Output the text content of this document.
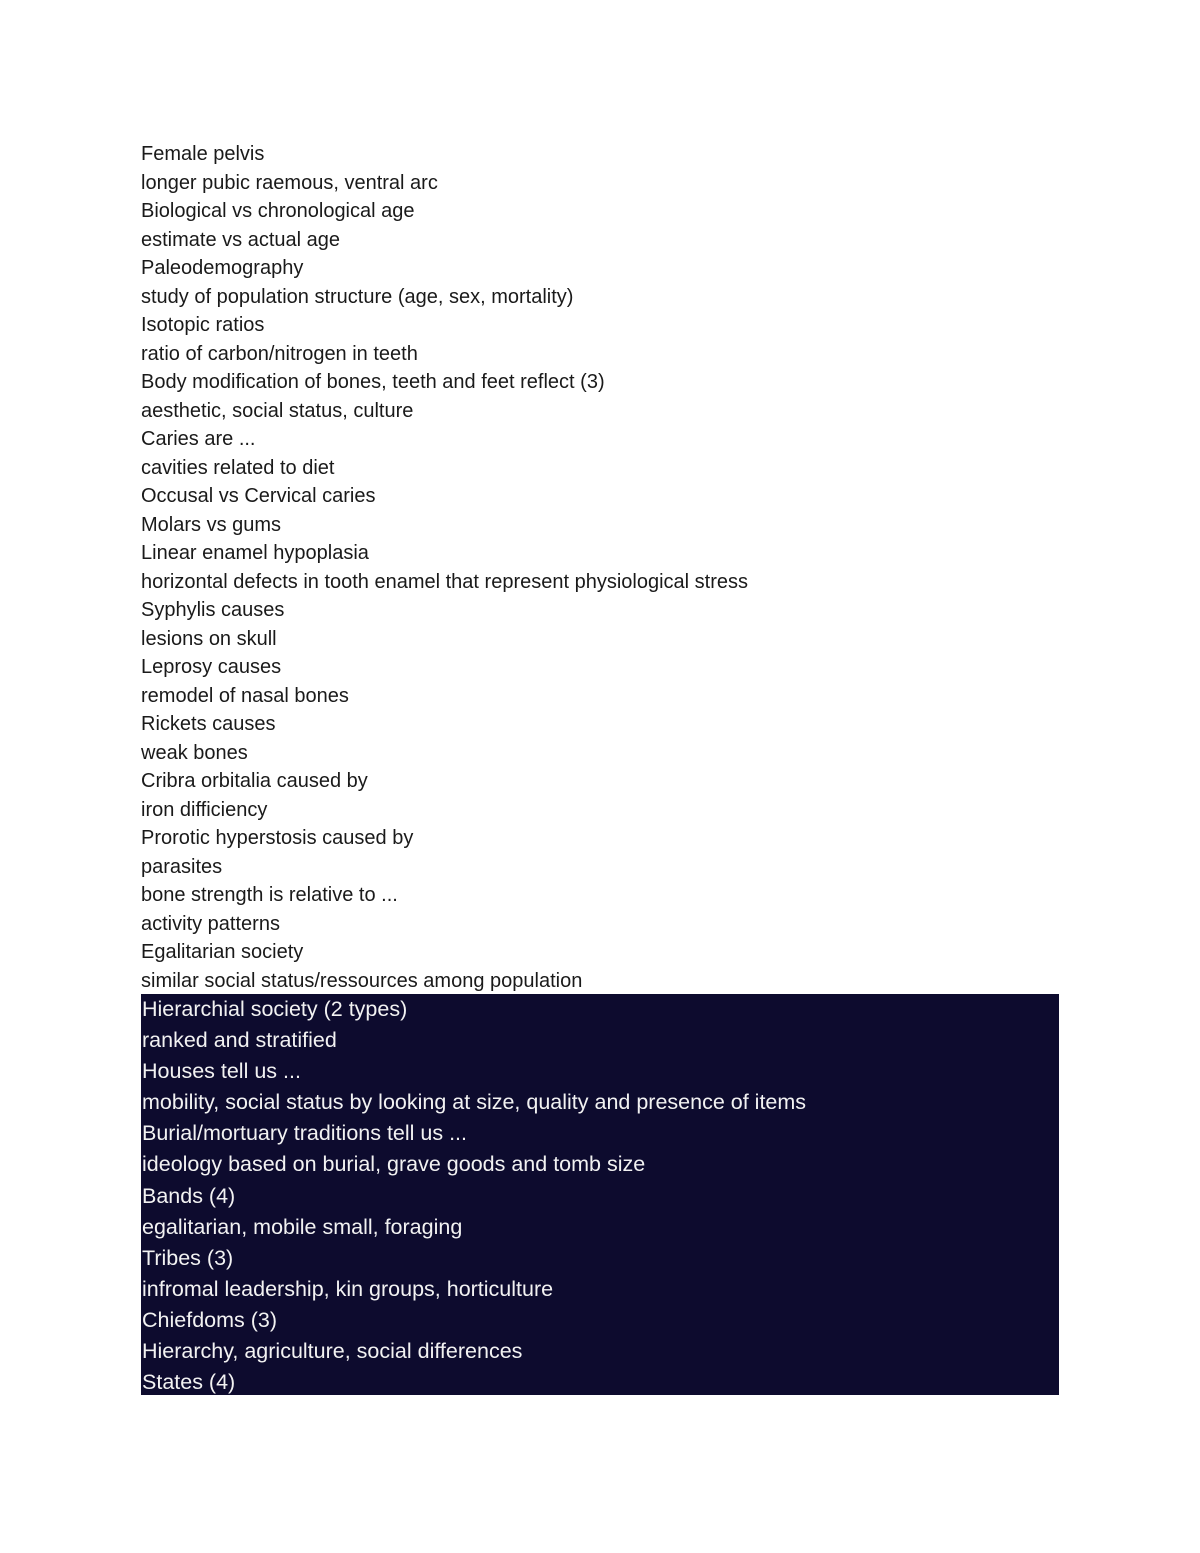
Female pelvis
longer pubic raemous, ventral arc
Biological vs chronological age
estimate vs actual age
Paleodemography
study of population structure (age, sex, mortality)
Isotopic ratios
ratio of carbon/nitrogen in teeth
Body modification of bones, teeth and feet reflect (3)
aesthetic, social status, culture
Caries are ...
cavities related to diet
Occusal vs Cervical caries
Molars vs gums
Linear enamel hypoplasia
horizontal defects in tooth enamel that represent physiological stress
Syphylis causes
lesions on skull
Leprosy causes
remodel of nasal bones
Rickets causes
weak bones
Cribra orbitalia caused by
iron difficiency
Prorotic hyperstosis caused by
parasites
bone strength is relative to ...
activity patterns
Egalitarian society
similar social status/ressources among population
Hierarchial society (2 types)
ranked and stratified
Houses tell us ...
mobility, social status by looking at size, quality and presence of items
Burial/mortuary traditions tell us ...
ideology based on burial, grave goods and tomb size
Bands (4)
egalitarian, mobile small, foraging
Tribes (3)
infromal leadership, kin groups, horticulture
Chiefdoms (3)
Hierarchy, agriculture, social differences
States (4)
